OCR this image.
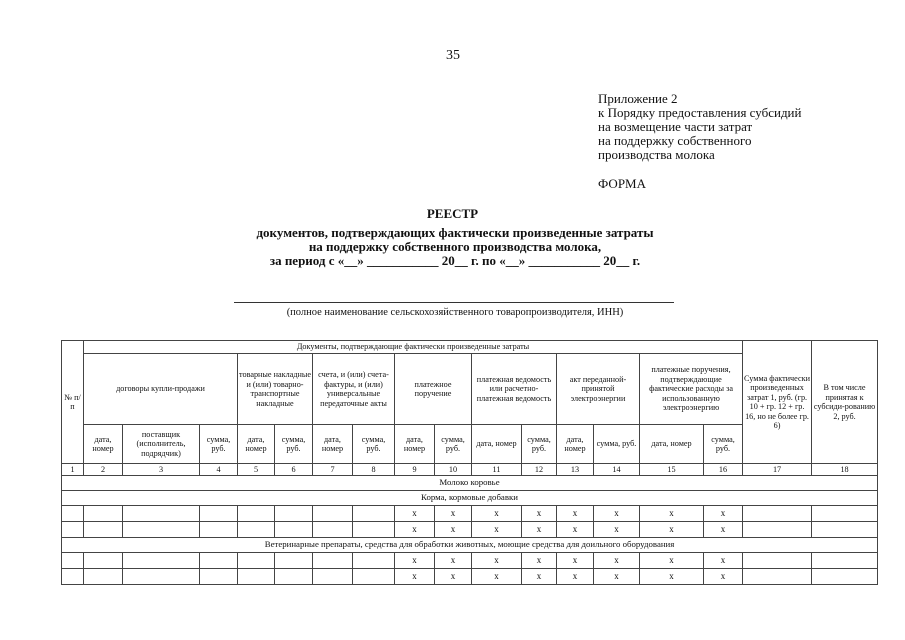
35
Приложение 2
к Порядку предоставления субсидий
на возмещение части затрат
на поддержку собственного
производства молока
ФОРМА
РЕЕСТР
документов, подтверждающих фактически произведенные затраты
на поддержку собственного производства молока,
за период с «__» ___________ 20__ г. по «__» ___________ 20__ г.
(полное наименование сельскохозяйственного товаропроизводителя, ИНН)
№ п/п	Документы, подтверждающие фактически произведенные затраты															Сумма фактически произведенных затрат 1, руб. (гр. 10 + гр. 12 + гр. 16, но не более гр. 6)	В том числе принятая к субсиди-рованию 2, руб.
	договоры купли-продажи			товарные накладные и (или) товарно-транспортные накладные		счета, и (или) счета-фактуры, и (или) универсальные передаточные акты		платежное поручение		платежная ведомость или расчетно-платежная ведомость		акт переданной-принятой электроэнергии		платежные поручения, подтверждающие фактические расходы за использованную электроэнергию			
	дата, номер	поставщик (исполнитель, подрядчик)	сумма, руб.	дата, номер	сумма, руб.	дата, номер	сумма, руб.	дата, номер	сумма, руб.	дата, номер	сумма, руб.	дата, номер	сумма, руб.	дата, номер	сумма, руб.		
1	2	3	4	5	6	7	8	9	10	11	12	13	14	15	16	17	18
Молоко коровье																	
Корма, кормовые добавки																	
								x	x	x	x	x	x	x	x		
								x	x	x	x	x	x	x	x		
Ветеринарные препараты, средства для обработки животных, моющие средства для доильного оборудования																	
								x	x	x	x	x	x	x	x		
								x	x	x	x	x	x	x	x		
